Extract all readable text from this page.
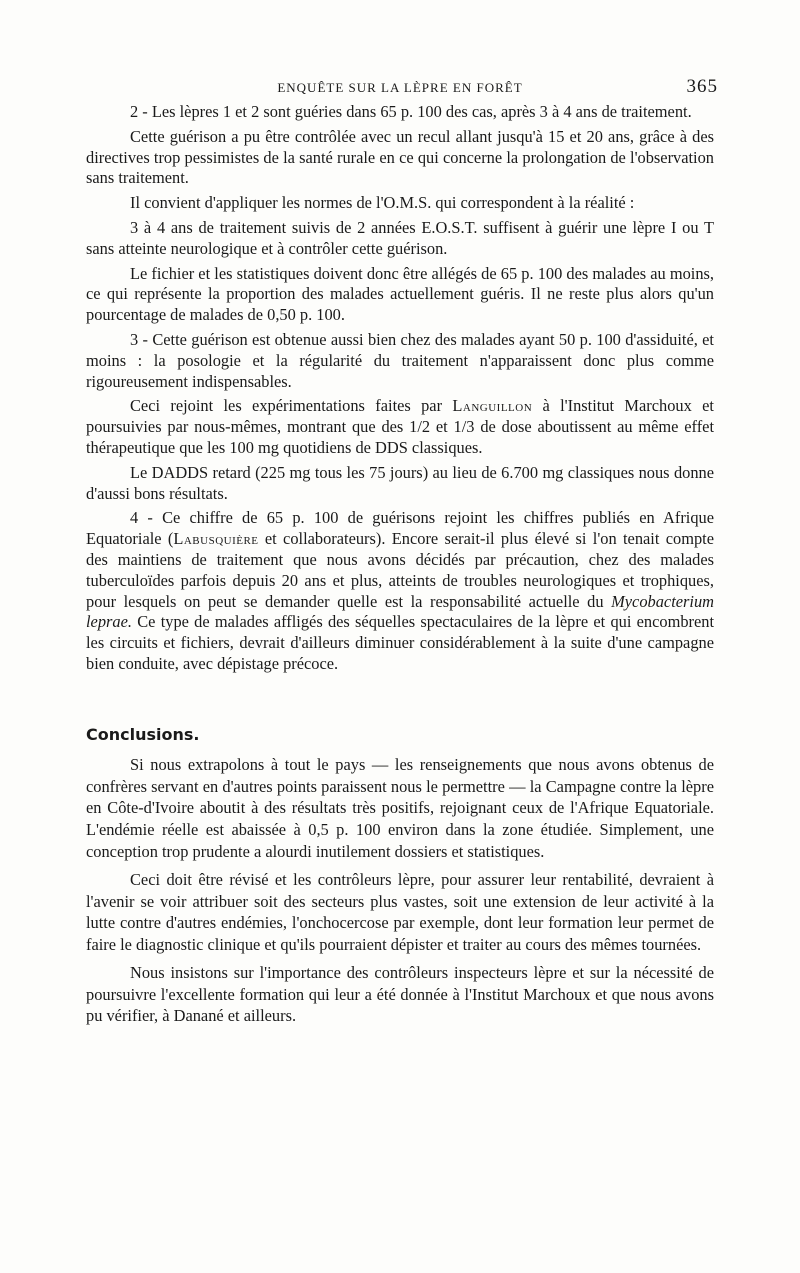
ENQUÊTE SUR LA LÈPRE EN FORÊT	365

2 - Les lèpres 1 et 2 sont guéries dans 65 p. 100 des cas, après 3 à 4 ans de traitement.

Cette guérison a pu être contrôlée avec un recul allant jusqu'à 15 et 20 ans, grâce à des directives trop pessimistes de la santé rurale en ce qui concerne la prolongation de l'observation sans traitement.

Il convient d'appliquer les normes de l'O.M.S. qui correspondent à la réalité :

3 à 4 ans de traitement suivis de 2 années E.O.S.T. suffisent à guérir une lèpre I ou T sans atteinte neurologique et à contrôler cette guérison.

Le fichier et les statistiques doivent donc être allégés de 65 p. 100 des malades au moins, ce qui représente la proportion des malades actuellement guéris. Il ne reste plus alors qu'un pourcentage de malades de 0,50 p. 100.

3 - Cette guérison est obtenue aussi bien chez des malades ayant 50 p. 100 d'assiduité, et moins : la posologie et la régularité du traitement n'apparaissent donc plus comme rigoureusement indispensables.

Ceci rejoint les expérimentations faites par Languillon à l'Institut Marchoux et poursuivies par nous-mêmes, montrant que des 1/2 et 1/3 de dose aboutissent au même effet thérapeutique que les 100 mg quotidiens de DDS classiques.

Le DADDS retard (225 mg tous les 75 jours) au lieu de 6.700 mg classiques nous donne d'aussi bons résultats.

4 - Ce chiffre de 65 p. 100 de guérisons rejoint les chiffres publiés en Afrique Equatoriale (Labusquière et collaborateurs). Encore serait-il plus élevé si l'on tenait compte des maintiens de traitement que nous avons décidés par précaution, chez des malades tuberculoïdes parfois depuis 20 ans et plus, atteints de troubles neurologiques et trophiques, pour lesquels on peut se demander quelle est la responsabilité actuelle du Mycobacterium leprae. Ce type de malades affligés des séquelles spectaculaires de la lèpre et qui encombrent les circuits et fichiers, devrait d'ailleurs diminuer considérablement à la suite d'une campagne bien conduite, avec dépistage précoce.

Conclusions.

Si nous extrapolons à tout le pays — les renseignements que nous avons obtenus de confrères servant en d'autres points paraissent nous le permettre — la Campagne contre la lèpre en Côte-d'Ivoire aboutit à des résultats très positifs, rejoignant ceux de l'Afrique Equatoriale. L'endémie réelle est abaissée à 0,5 p. 100 environ dans la zone étudiée. Simplement, une conception trop prudente a alourdi inutilement dossiers et statistiques.

Ceci doit être révisé et les contrôleurs lèpre, pour assurer leur rentabilité, devraient à l'avenir se voir attribuer soit des secteurs plus vastes, soit une extension de leur activité à la lutte contre d'autres endémies, l'onchocercose par exemple, dont leur formation leur permet de faire le diagnostic clinique et qu'ils pourraient dépister et traiter au cours des mêmes tournées.

Nous insistons sur l'importance des contrôleurs inspecteurs lèpre et sur la nécessité de poursuivre l'excellente formation qui leur a été donnée à l'Institut Marchoux et que nous avons pu vérifier, à Danané et ailleurs.
